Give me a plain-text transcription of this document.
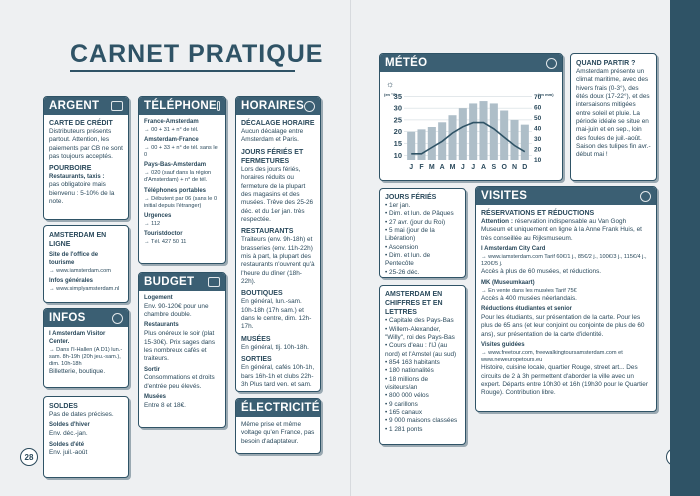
CARNET PRATIQUE
ARGENT
CARTE DE CRÉDIT
Distributeurs présents partout. Attention, les paiements par CB ne sont pas toujours acceptés.
POURBOIRE
Restaurants, taxis :
pas obligatoire mais bienvenu : 5-10% de la note.
AMSTERDAM EN LIGNE
Site de l'office de tourisme
→ www.iamsterdam.com
Infos générales
→ www.simplyamsterdam.nl
INFOS
I Amsterdam Visitor Center.
→ Dans l'I-Hallen (A D1) lun.-sam. 8h-19h (20h jeu.-sam.), dim. 10h-18h
Billetterie, boutique.
SOLDES
Pas de dates précises.
Soldes d'hiver
Env. déc.-jan.
Soldes d'été
Env. juil.-août
TÉLÉPHONE
France-Amsterdam
→ 00 + 31 + n° de tél.
Amsterdam-France
→ 00 + 33 + n° de tél. sans le 0
Pays-Bas-Amsterdam
→ 020 (sauf dans la région d'Amsterdam) + n° de tél.
Téléphones portables
→ Débutent par 06 (sans le 0 initial depuis l'étranger)
Urgences
→ 112
Touristdoctor
→ Tél. 427 50 11
BUDGET
Logement
Env. 90-120€ pour une chambre double.
Restaurants
Plus onéreux le soir (plat 15-30€). Prix sages dans les nombreux cafés et traiteurs.
Sortir
Consommations et droits d'entrée peu élevés.
Musées
Entre 8 et 18€.
HORAIRES
DÉCALAGE HORAIRE
Aucun décalage entre Amsterdam et Paris.
JOURS FÉRIÉS ET FERMETURES
Lors des jours fériés, horaires réduits ou fermeture de la plupart des magasins et des musées. Trêve des 25-26 déc. et du 1er jan. très respectée.
RESTAURANTS
Traiteurs (env. 9h-18h) et brasseries (env. 11h-22h) mis à part, la plupart des restaurants n'ouvrent qu'à l'heure du dîner (18h-22h).
BOUTIQUES
En général, lun.-sam. 10h-18h (17h sam.) et dans le centre, dim. 12h-17h.
MUSÉES
En général, tlj. 10h-18h.
SORTIES
En général, cafés 10h-1h, bars 16h-1h et clubs 22h-3h Plus tard ven. et sam.
ÉLECTRICITÉ
Même prise et même voltage qu'en France, pas besoin d'adaptateur.
28
MÉTÉO
☼
(en °C)	(en mm)
10
15
20
25
30
35	70
60
50
40
30
20
10
J F M A M J J A S O N D
QUAND PARTIR ?
Amsterdam présente un climat maritime, avec des hivers frais (0-3°), des étés doux (17-22°), et des intersaisons mitigées entre soleil et pluie. La période idéale se situe en mai-juin et en sep., loin des foules de juil.-août. Saison des tulipes fin avr.-début mai !
JOURS FÉRIÉS
• 1er jan.
• Dim. et lun. de Pâques
• 27 avr. (jour du Roi)
• 5 mai (jour de la Libération)
• Ascension
• Dim. et lun. de Pentecôte
• 25-26 déc.
AMSTERDAM EN CHIFFRES ET EN LETTRES
• Capitale des Pays-Bas
• Willem-Alexander, "Willy", roi des Pays-Bas
• Cours d'eau : l'IJ (au nord) et l'Amstel (au sud)
• 854 163 habitants
• 180 nationalités
• 18 millions de visiteurs/an
• 800 000 vélos
• 9 carillons
• 165 canaux
• 9 000 maisons classées
• 1 281 ponts
VISITES
RÉSERVATIONS ET RÉDUCTIONS
Attention : réservation indispensable au Van Gogh Museum et uniquement en ligne à la Anne Frank Huis, et très conseillée au Rijksmuseum.
I Amsterdam City Card
→ www.iamsterdam.com Tarif 60€/1 j., 85€/2 j., 100€/3 j., 115€/4 j., 120€/5 j.
Accès à plus de 60 musées, et réductions.
MK (Museumkaart)
→ En vente dans les musées Tarif 75€
Accès à 400 musées néerlandais.
Réductions étudiantes et senior
Pour les étudiants, sur présentation de la carte. Pour les plus de 65 ans (et leur conjoint ou conjointe de plus de 60 ans), sur présentation de la carte d'identité.
Visites guidées
→ www.freetour.com, freewalkingtoursamsterdam.com et www.neweuropetours.eu
Histoire, cuisine locale, quartier Rouge, street art... Des circuits de 2 à 3h permettent d'aborder la ville avec un expert. Départs entre 10h30 et 16h (19h30 pour le Quartier Rouge). Contribution libre.
